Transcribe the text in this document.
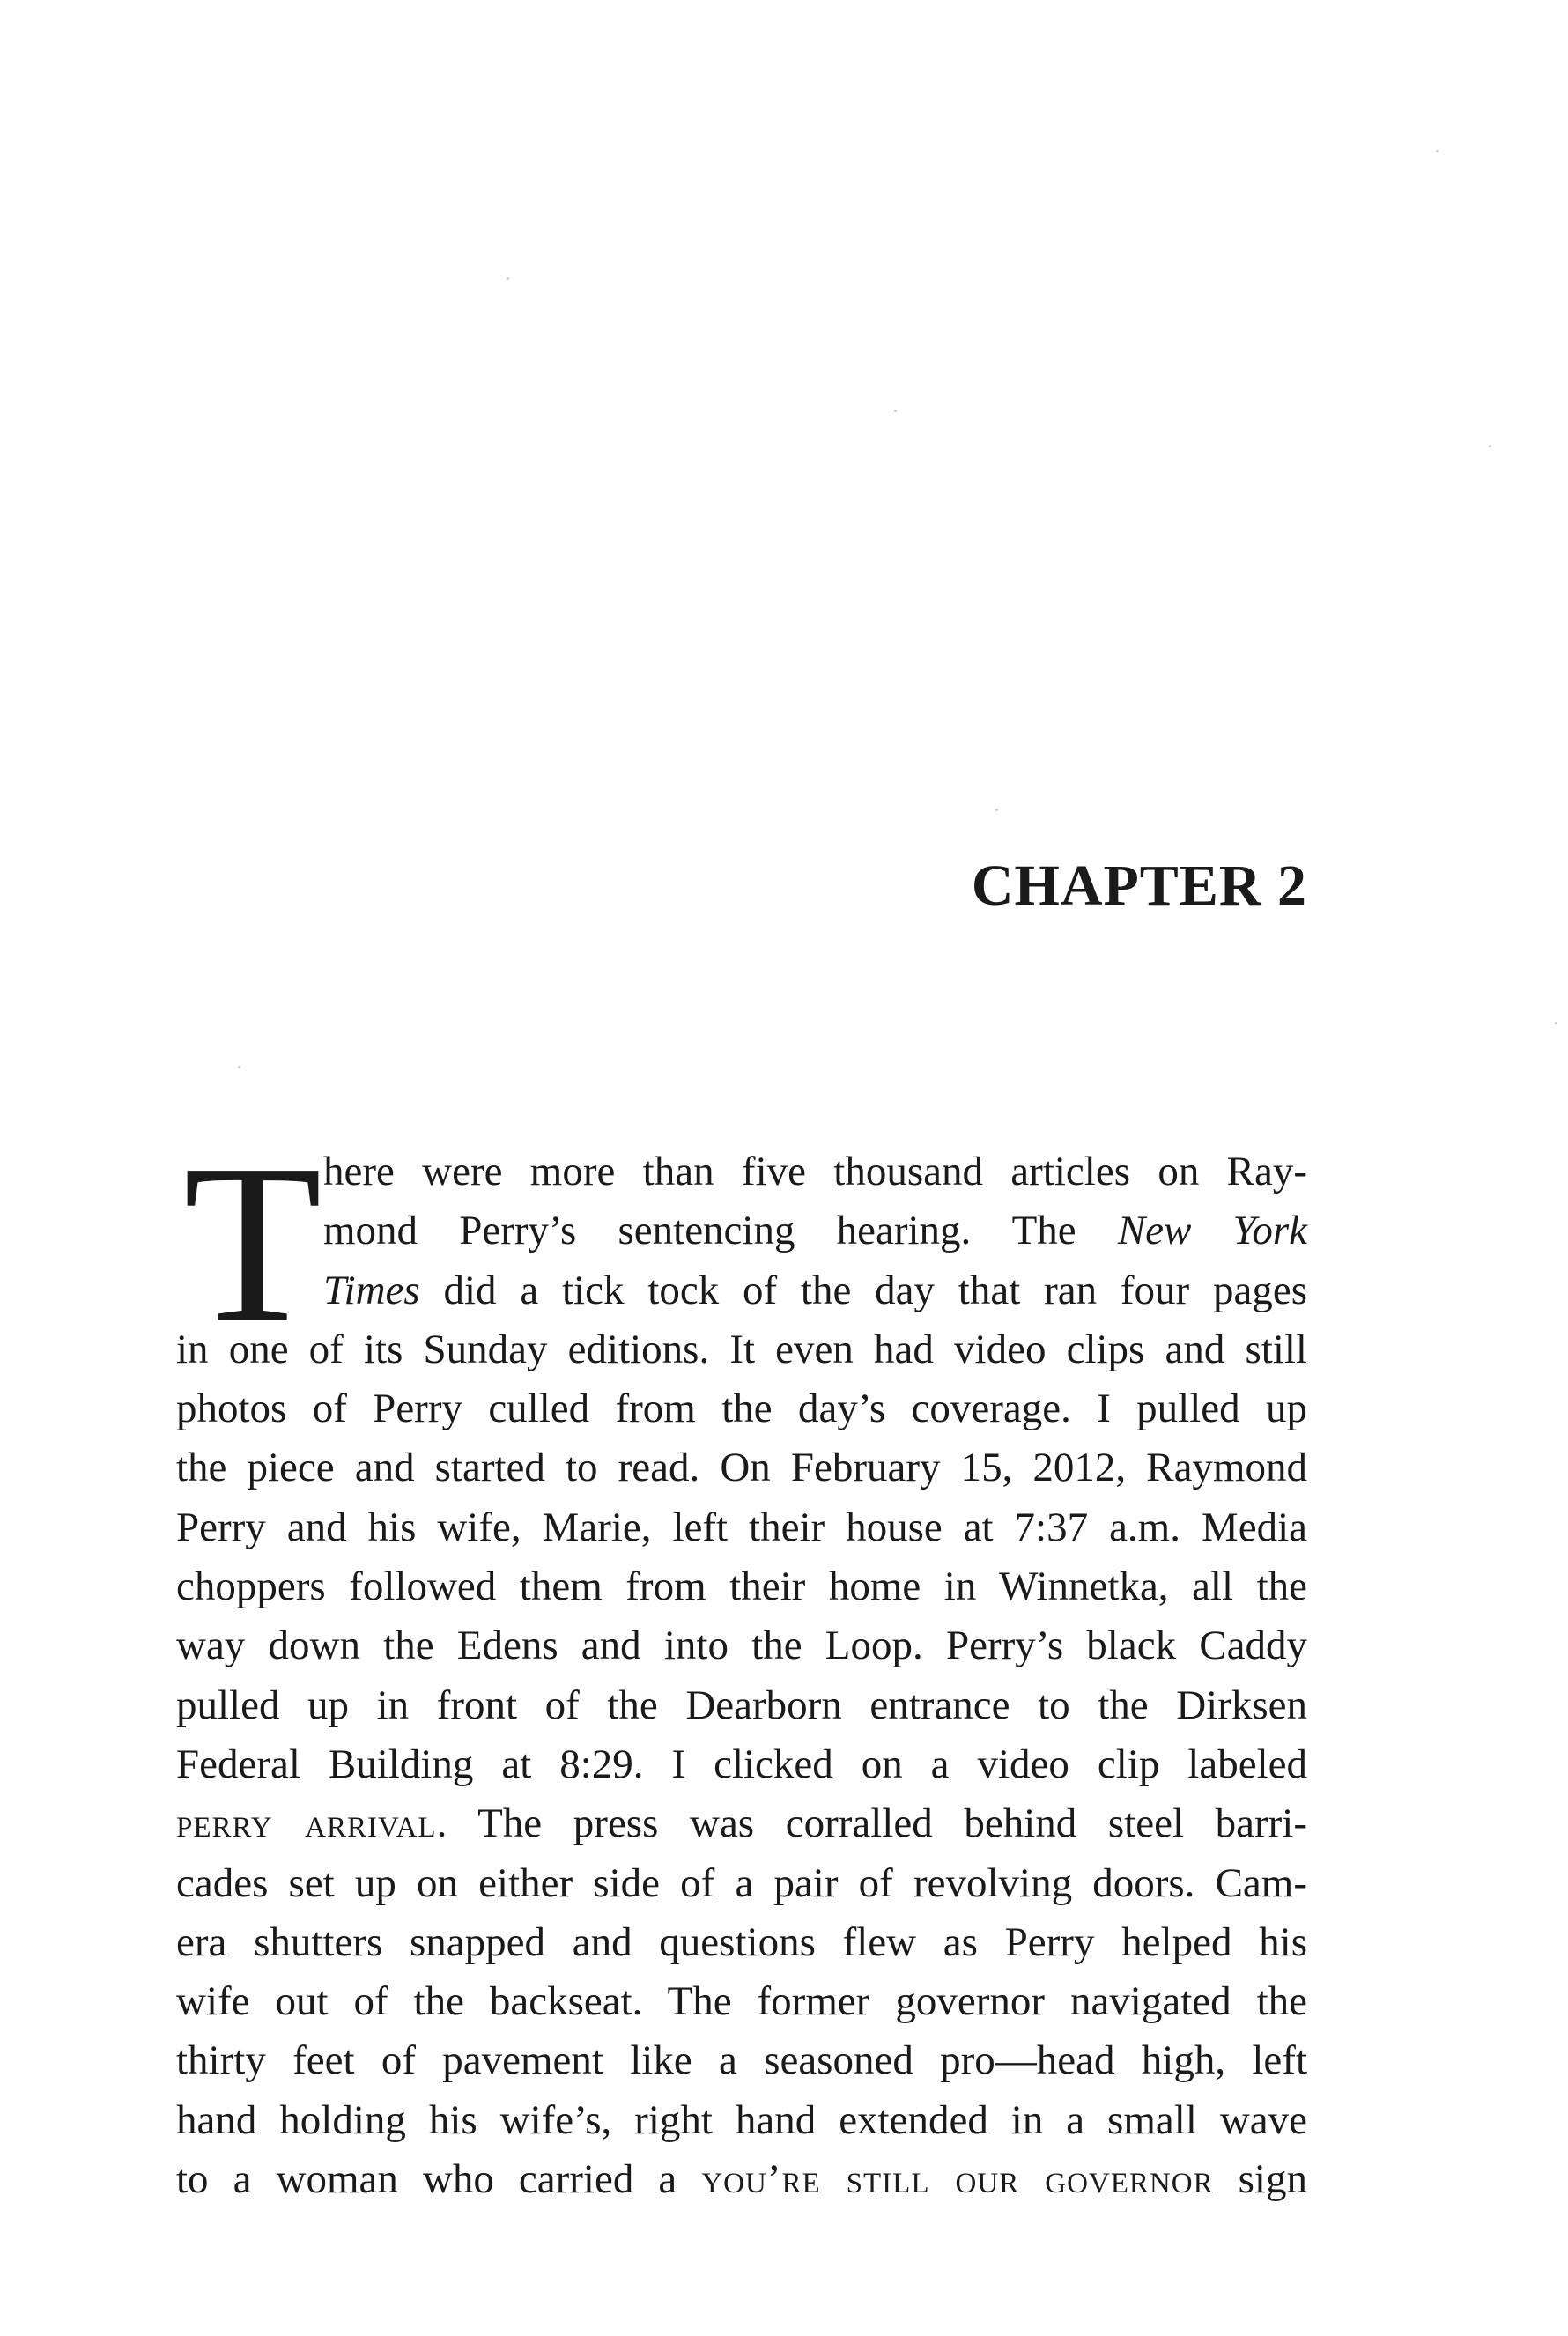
CHAPTER 2
T here were more than five thousand articles on Ray-
mond Perry’s sentencing hearing. The New York
Times did a tick tock of the day that ran four pages
in one of its Sunday editions. It even had video clips and still
photos of Perry culled from the day’s coverage. I pulled up
the piece and started to read. On February 15, 2012, Raymond
Perry and his wife, Marie, left their house at 7:37 a.m. Media
choppers followed them from their home in Winnetka, all the
way down the Edens and into the Loop. Perry’s black Caddy
pulled up in front of the Dearborn entrance to the Dirksen
Federal Building at 8:29. I clicked on a video clip labeled
perry arrival. The press was corralled behind steel barri-
cades set up on either side of a pair of revolving doors. Cam-
era shutters snapped and questions flew as Perry helped his
wife out of the backseat. The former governor navigated the
thirty feet of pavement like a seasoned pro—head high, left
hand holding his wife’s, right hand extended in a small wave
to a woman who carried a you’re still our governor sign
